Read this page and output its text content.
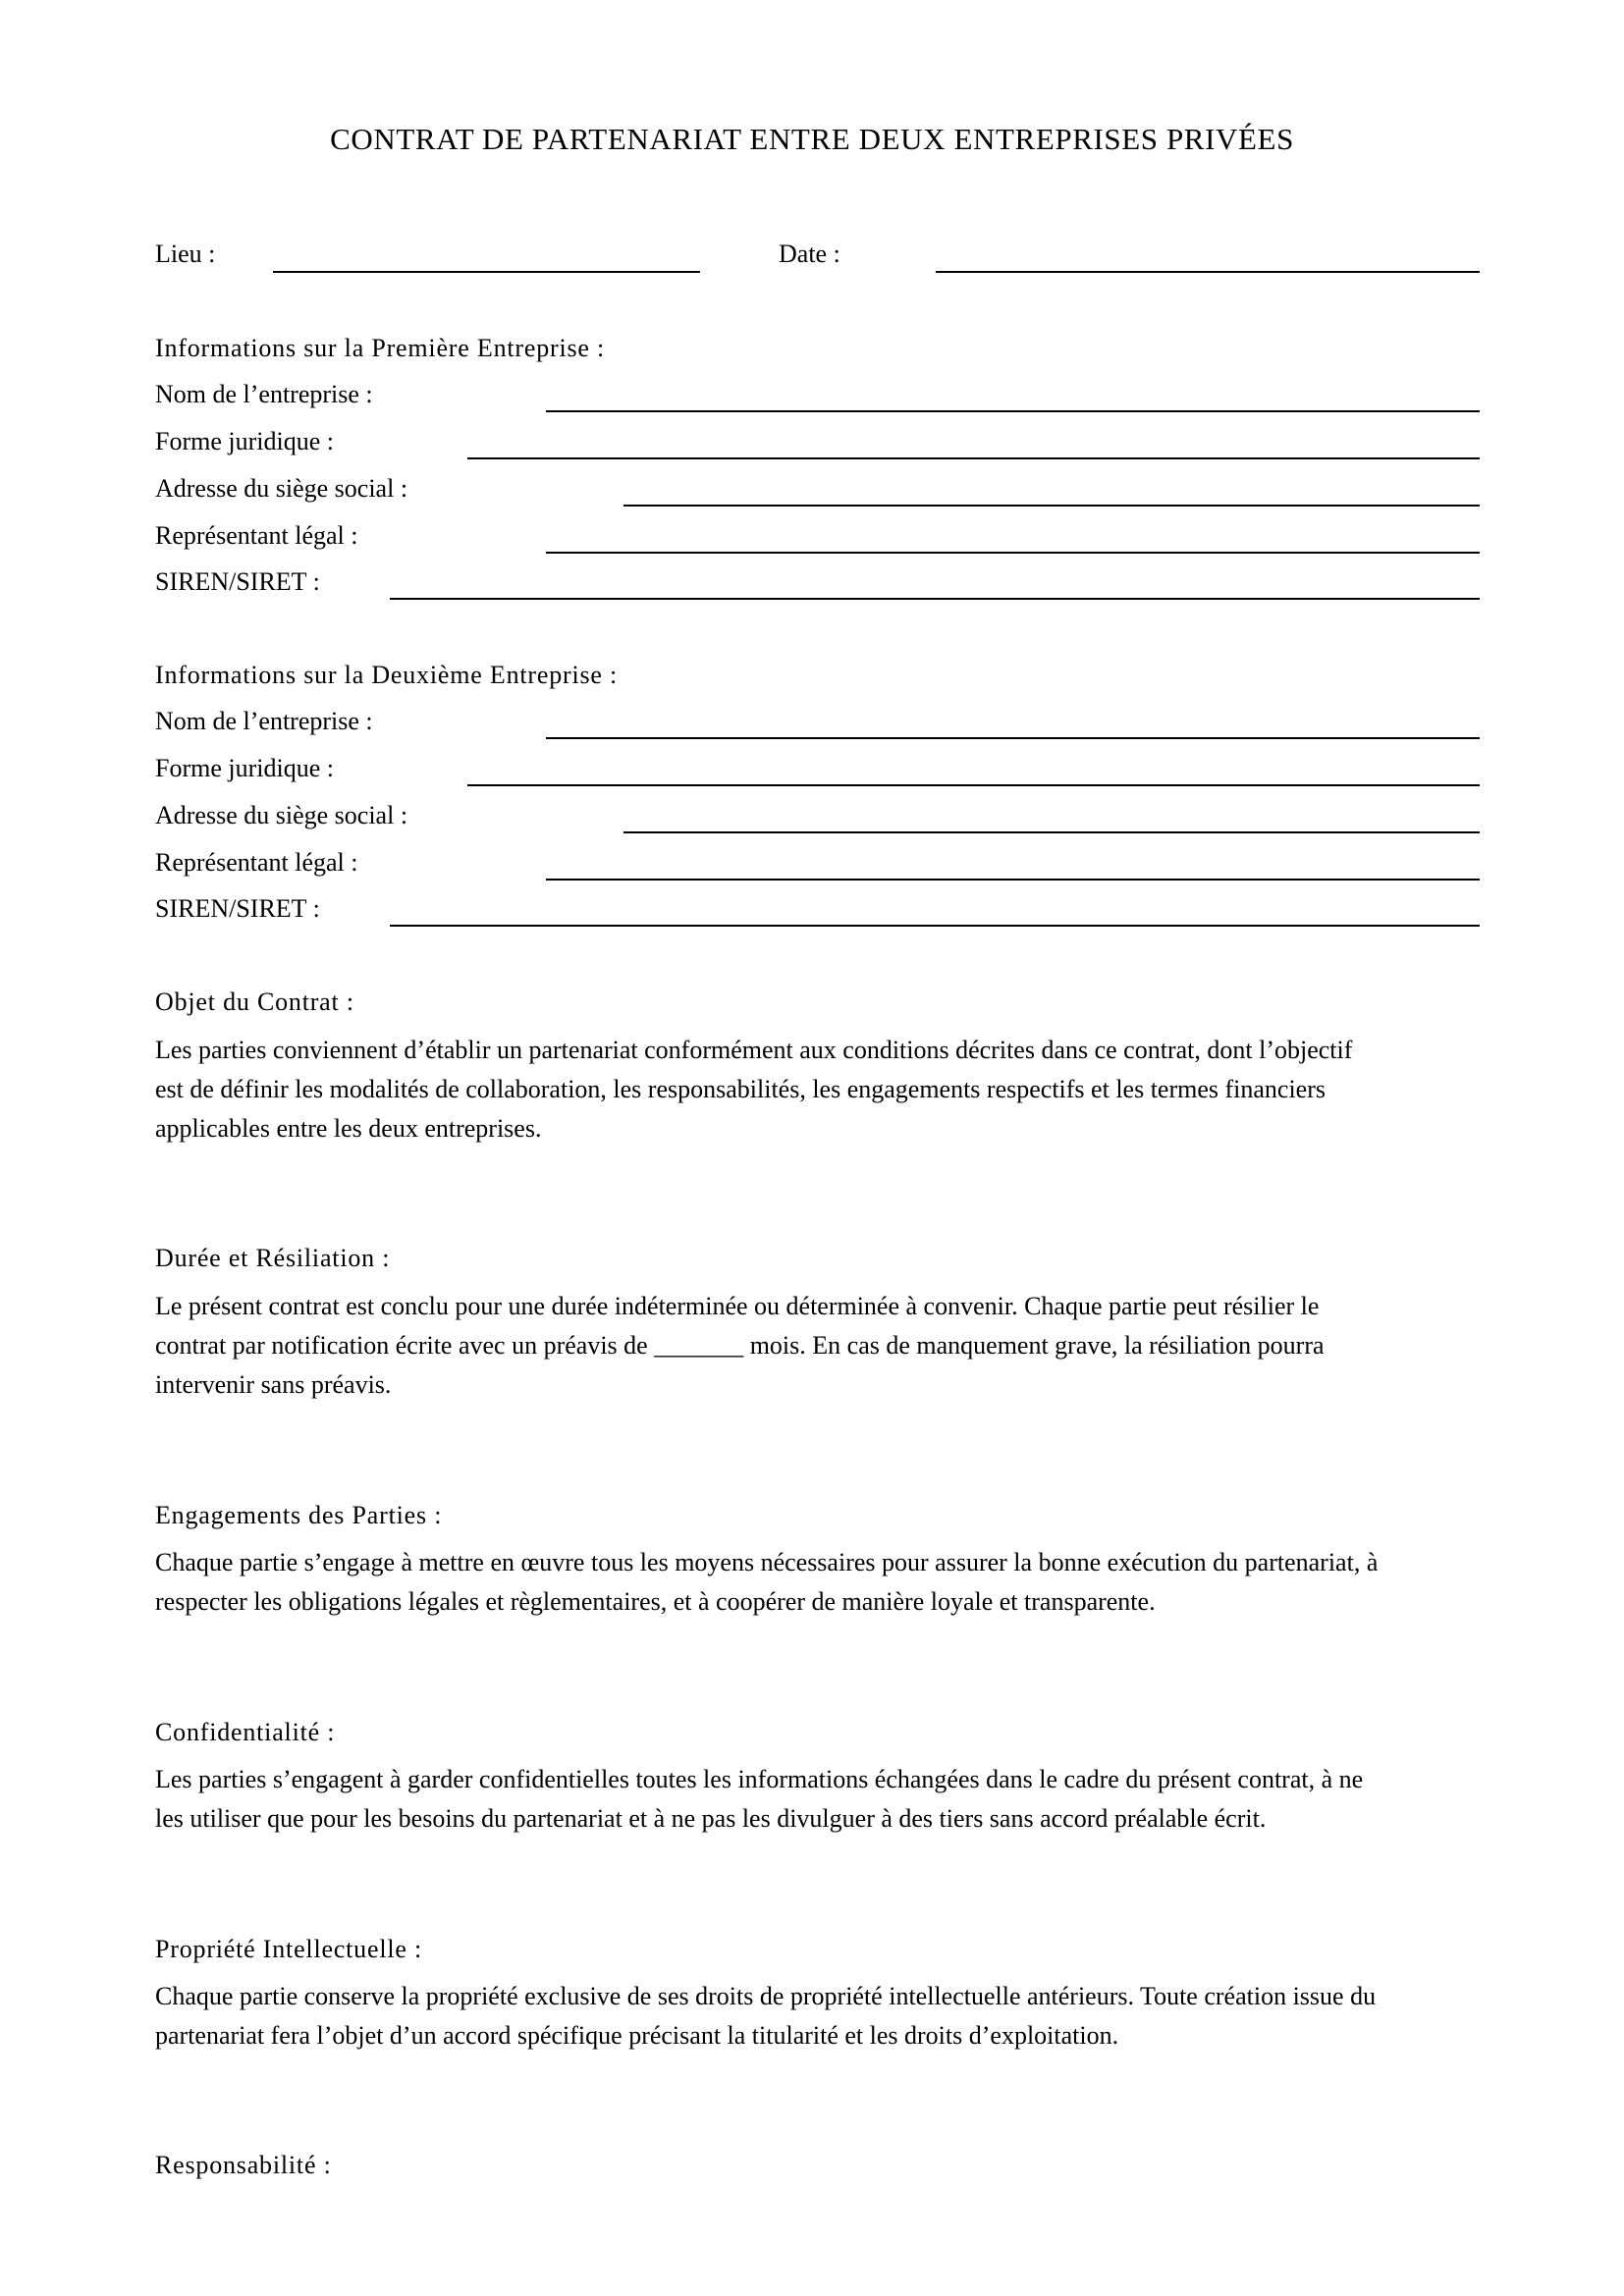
CONTRAT DE PARTENARIAT ENTRE DEUX ENTREPRISES PRIVÉES
Lieu :	Date :
Informations sur la Première Entreprise :
Nom de l’entreprise :
Forme juridique :
Adresse du siège social :
Représentant légal :
SIREN/SIRET :
Informations sur la Deuxième Entreprise :
Nom de l’entreprise :
Forme juridique :
Adresse du siège social :
Représentant légal :
SIREN/SIRET :
Objet du Contrat :

Les parties conviennent d’établir un partenariat conformément aux conditions décrites dans ce contrat, dont l’objectif

est de définir les modalités de collaboration, les responsabilités, les engagements respectifs et les termes financiers

applicables entre les deux entreprises.

Durée et Résiliation :

Le présent contrat est conclu pour une durée indéterminée ou déterminée à convenir. Chaque partie peut résilier le

contrat par notification écrite avec un préavis de _______ mois. En cas de manquement grave, la résiliation pourra

intervenir sans préavis.

Engagements des Parties :

Chaque partie s’engage à mettre en œuvre tous les moyens nécessaires pour assurer la bonne exécution du partenariat, à

respecter les obligations légales et règlementaires, et à coopérer de manière loyale et transparente.

Confidentialité :

Les parties s’engagent à garder confidentielles toutes les informations échangées dans le cadre du présent contrat, à ne

les utiliser que pour les besoins du partenariat et à ne pas les divulguer à des tiers sans accord préalable écrit.

Propriété Intellectuelle :

Chaque partie conserve la propriété exclusive de ses droits de propriété intellectuelle antérieurs. Toute création issue du

partenariat fera l’objet d’un accord spécifique précisant la titularité et les droits d’exploitation.

Responsabilité :
